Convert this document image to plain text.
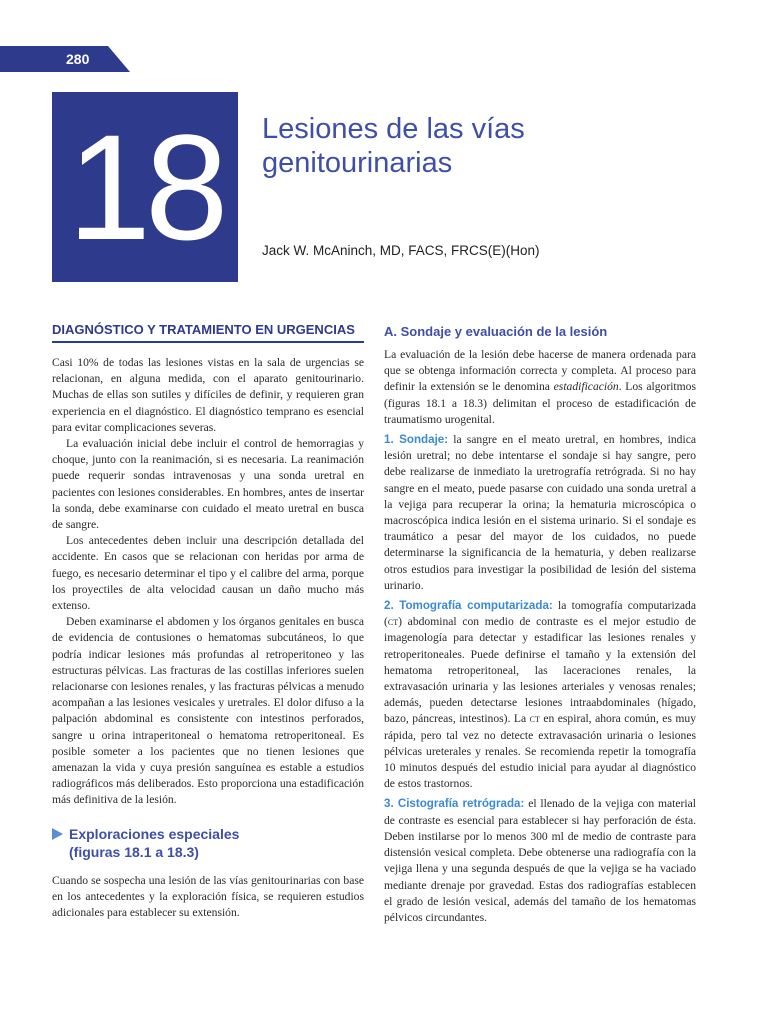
280
18	Lesiones de las vías genitourinarias
Jack W. McAninch, MD, FACS, FRCS(E)(Hon)
DIAGNÓSTICO Y TRATAMIENTO EN URGENCIAS

Casi 10% de todas las lesiones vistas en la sala de urgencias se relacionan, en alguna medida, con el aparato genitourinario. Muchas de ellas son sutiles y difíciles de definir, y requieren gran experiencia en el diagnóstico. El diagnóstico temprano es esencial para evitar complicaciones severas.

La evaluación inicial debe incluir el control de hemorragias y choque, junto con la reanimación, si es necesaria. La reanimación puede requerir sondas intravenosas y una sonda uretral en pacientes con lesiones considerables. En hombres, antes de insertar la sonda, debe examinarse con cuidado el meato uretral en busca de sangre.

Los antecedentes deben incluir una descripción detallada del accidente. En casos que se relacionan con heridas por arma de fuego, es necesario determinar el tipo y el calibre del arma, porque los proyectiles de alta velocidad causan un daño mucho más extenso.

Deben examinarse el abdomen y los órganos genitales en busca de evidencia de contusiones o hematomas subcutáneos, lo que podría indicar lesiones más profundas al retroperitoneo y las estructuras pélvicas. Las fracturas de las costillas inferiores suelen relacionarse con lesiones renales, y las fracturas pélvicas a menudo acompañan a las lesiones vesicales y uretrales. El dolor difuso a la palpación abdominal es consistente con intestinos perforados, sangre u orina intraperitoneal o hematoma retroperitoneal. Es posible someter a los pacientes que no tienen lesiones que amenazan la vida y cuya presión sanguínea es estable a estudios radiográficos más deliberados. Esto proporciona una estadificación más definitiva de la lesión.

Exploraciones especiales
(figuras 18.1 a 18.3)

Cuando se sospecha una lesión de las vías genitourinarias con base en los antecedentes y la exploración física, se requieren estudios adicionales para establecer su extensión.

A. Sondaje y evaluación de la lesión

La evaluación de la lesión debe hacerse de manera ordenada para que se obtenga información correcta y completa. Al proceso para definir la extensión se le denomina estadificación. Los algoritmos (figuras 18.1 a 18.3) delimitan el proceso de estadificación de traumatismo urogenital.

1. Sondaje: la sangre en el meato uretral, en hombres, indica lesión uretral; no debe intentarse el sondaje si hay sangre, pero debe realizarse de inmediato la uretrografía retrógrada. Si no hay sangre en el meato, puede pasarse con cuidado una sonda uretral a la vejiga para recuperar la orina; la hematuria microscópica o macroscópica indica lesión en el sistema urinario. Si el sondaje es traumático a pesar del mayor de los cuidados, no puede determinarse la significancia de la hematuria, y deben realizarse otros estudios para investigar la posibilidad de lesión del sistema urinario.

2. Tomografía computarizada: la tomografía computarizada (ct) abdominal con medio de contraste es el mejor estudio de imagenología para detectar y estadificar las lesiones renales y retroperitoneales. Puede definirse el tamaño y la extensión del hematoma retroperitoneal, las laceraciones renales, la extravasación urinaria y las lesiones arteriales y venosas renales; además, pueden detectarse lesiones intraabdominales (hígado, bazo, páncreas, intestinos). La ct en espiral, ahora común, es muy rápida, pero tal vez no detecte extravasación urinaria o lesiones pélvicas ureterales y renales. Se recomienda repetir la tomografía 10 minutos después del estudio inicial para ayudar al diagnóstico de estos trastornos.

3. Cistografía retrógrada: el llenado de la vejiga con material de contraste es esencial para establecer si hay perforación de ésta. Deben instilarse por lo menos 300 ml de medio de contraste para distensión vesical completa. Debe obtenerse una radiografía con la vejiga llena y una segunda después de que la vejiga se ha vaciado mediante drenaje por gravedad. Estas dos radiografías establecen el grado de lesión vesical, además del tamaño de los hematomas pélvicos circundantes.
